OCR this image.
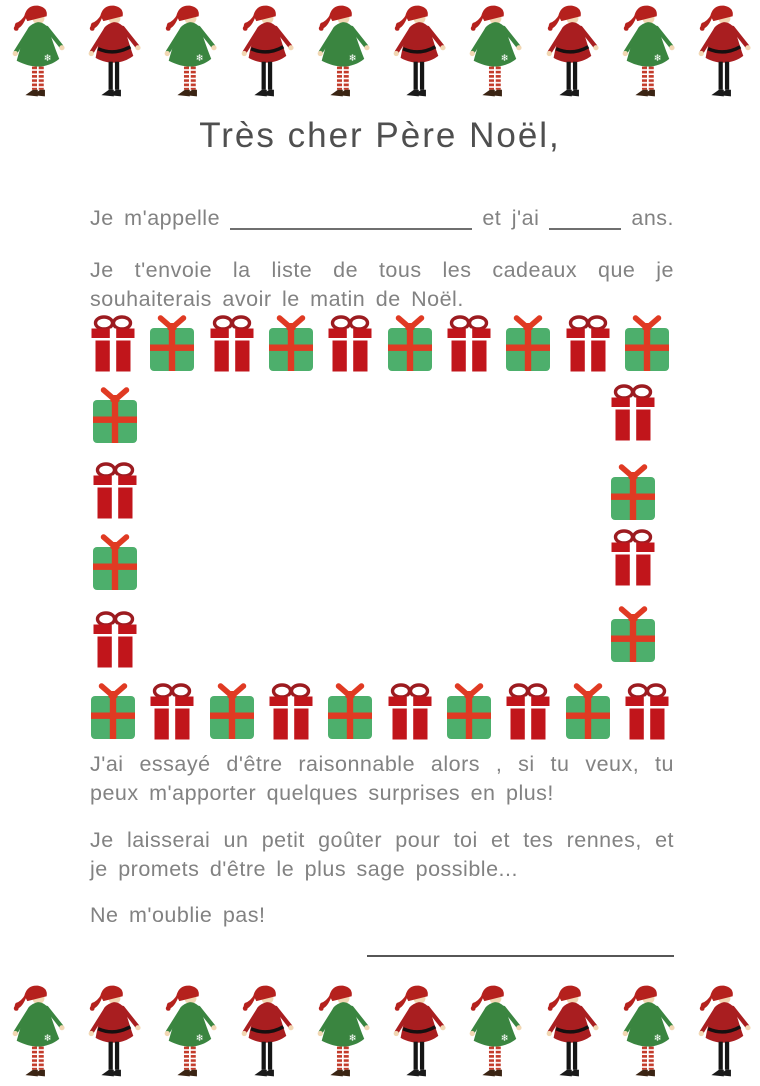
❄	❄	❄	❄	❄
Très cher Père Noël,
Je m'appelle	et j'ai	ans.

Je t'envoie la liste de tous les cadeaux que je souhaiterais avoir le matin de Noël.

J'ai essayé d'être raisonnable alors , si tu veux, tu peux m'apporter quelques surprises en plus!

Je laisserai un petit goûter pour toi et tes rennes, et je promets d'être le plus sage possible...

Ne m'oublie pas!

❄	❄	❄	❄	❄
